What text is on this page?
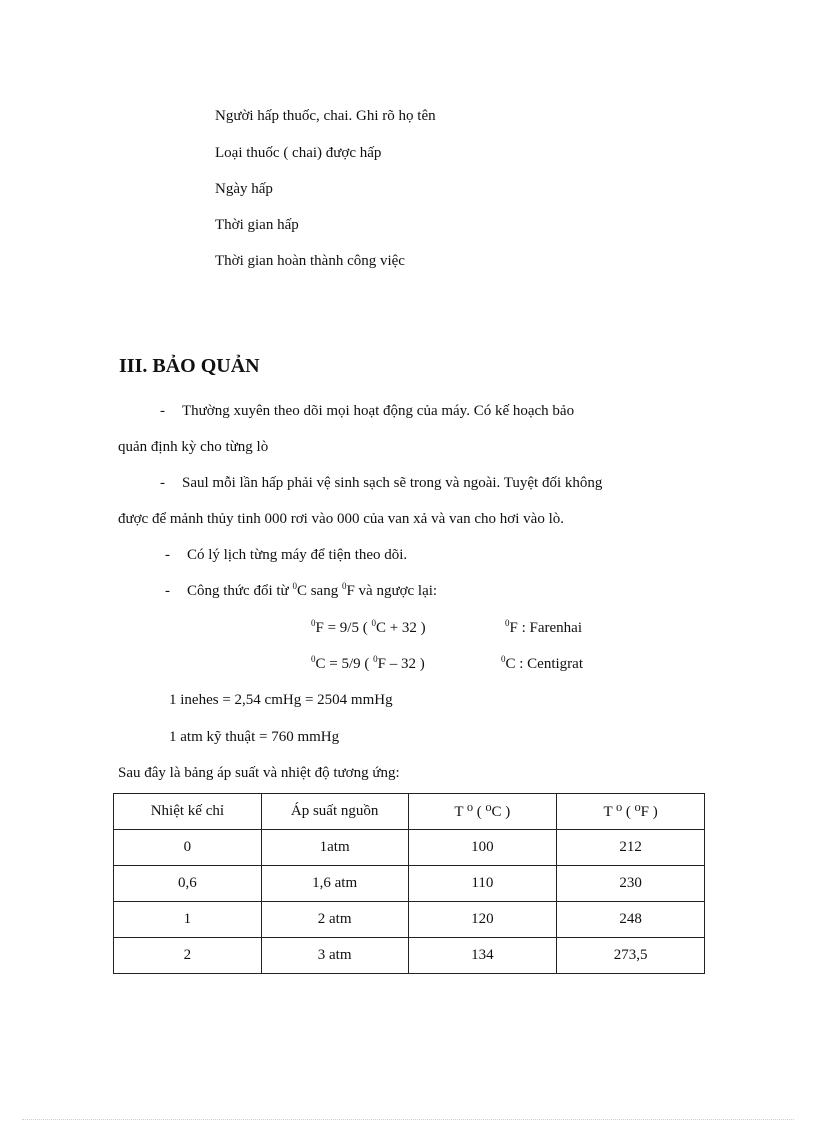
Người hấp thuốc, chai. Ghi rõ họ tên
Loại thuốc ( chai) được hấp
Ngày hấp
Thời gian hấp
Thời gian hoàn thành công việc
III. BẢO QUẢN
- Thường xuyên theo dõi mọi hoạt động của máy. Có kế hoạch bảo
quản định kỳ cho từng lò
- Saul mỗi lần hấp phải vệ sinh sạch sẽ trong và ngoài. Tuyệt đối không
được để mảnh thủy tinh 000 rơi vào 000 của van xả và van cho hơi vào lò.
- Có lý lịch từng máy để tiện theo dõi.
- Công thức đổi từ $^0$C sang $^0$F và ngược lại:
$^0$F = 9/5 ( $^0$C + 32 )	$^0$F : Farenhai
$^0$C = 5/9 ( $^0$F – 32 )	$^0$C : Centigrat
1 inehes = 2,54 cmHg = 2504 mmHg
1 atm kỹ thuật = 760 mmHg
Sau đây là bảng áp suất và nhiệt độ tương ứng:
Nhiệt kế chỉ	Áp suất nguồn	T ⁰ ( ⁰C )	T ⁰ ( ⁰F )
0	1atm	100	212
0,6	1,6 atm	110	230
1	2 atm	120	248
2	3 atm	134	273,5
